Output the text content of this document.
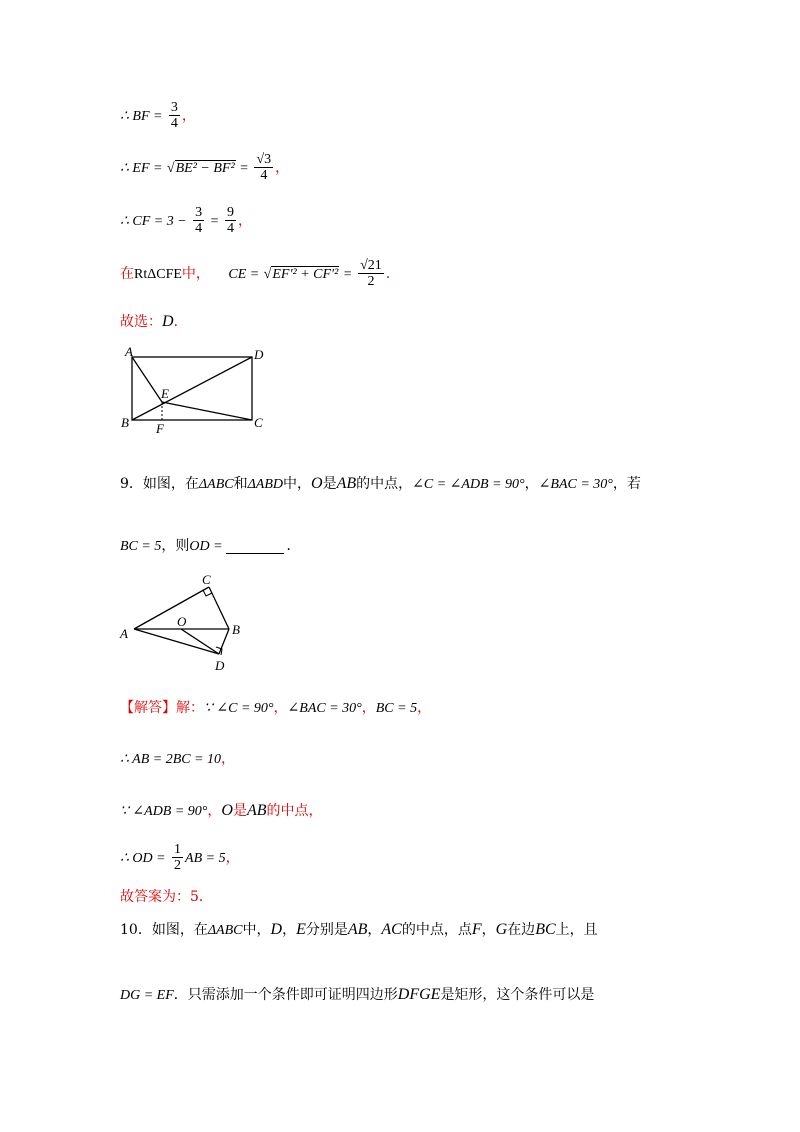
∴ BF = $\frac{3}{4}$ ，
∴ EF = $√BE^2 - BF^2 = \frac{√3}{4}$ ，
∴ CF = $3 - \frac{3}{4} = \frac{9}{4}$ ，
在RtΔCFE中， CE = $√EF'^2 + CF'^2 = \frac{√21}{2}$ ．
故选：D．
A	D
E
B F	C
9．如图，在ΔABC和ΔABD中，O是AB的中点，∠C = ∠ADB = 90°，∠BAC = 30°，若
BC = 5，则OD =	．
C
A
O
B
D
【解答】解：∵ ∠C = 90°，∠BAC = 30°，BC = 5，
∴ AB = 2BC = 10，
∵ ∠ADB = 90°，O是AB的中点，
∴ OD = $\frac{1}{2}$ AB = 5，
故答案为：5．
10．如图，在ΔABC中，D，E分别是AB，AC的中点，点F，G在边BC上，且
DG = EF．只需添加一个条件即可证明四边形DFGE是矩形，这个条件可以是
